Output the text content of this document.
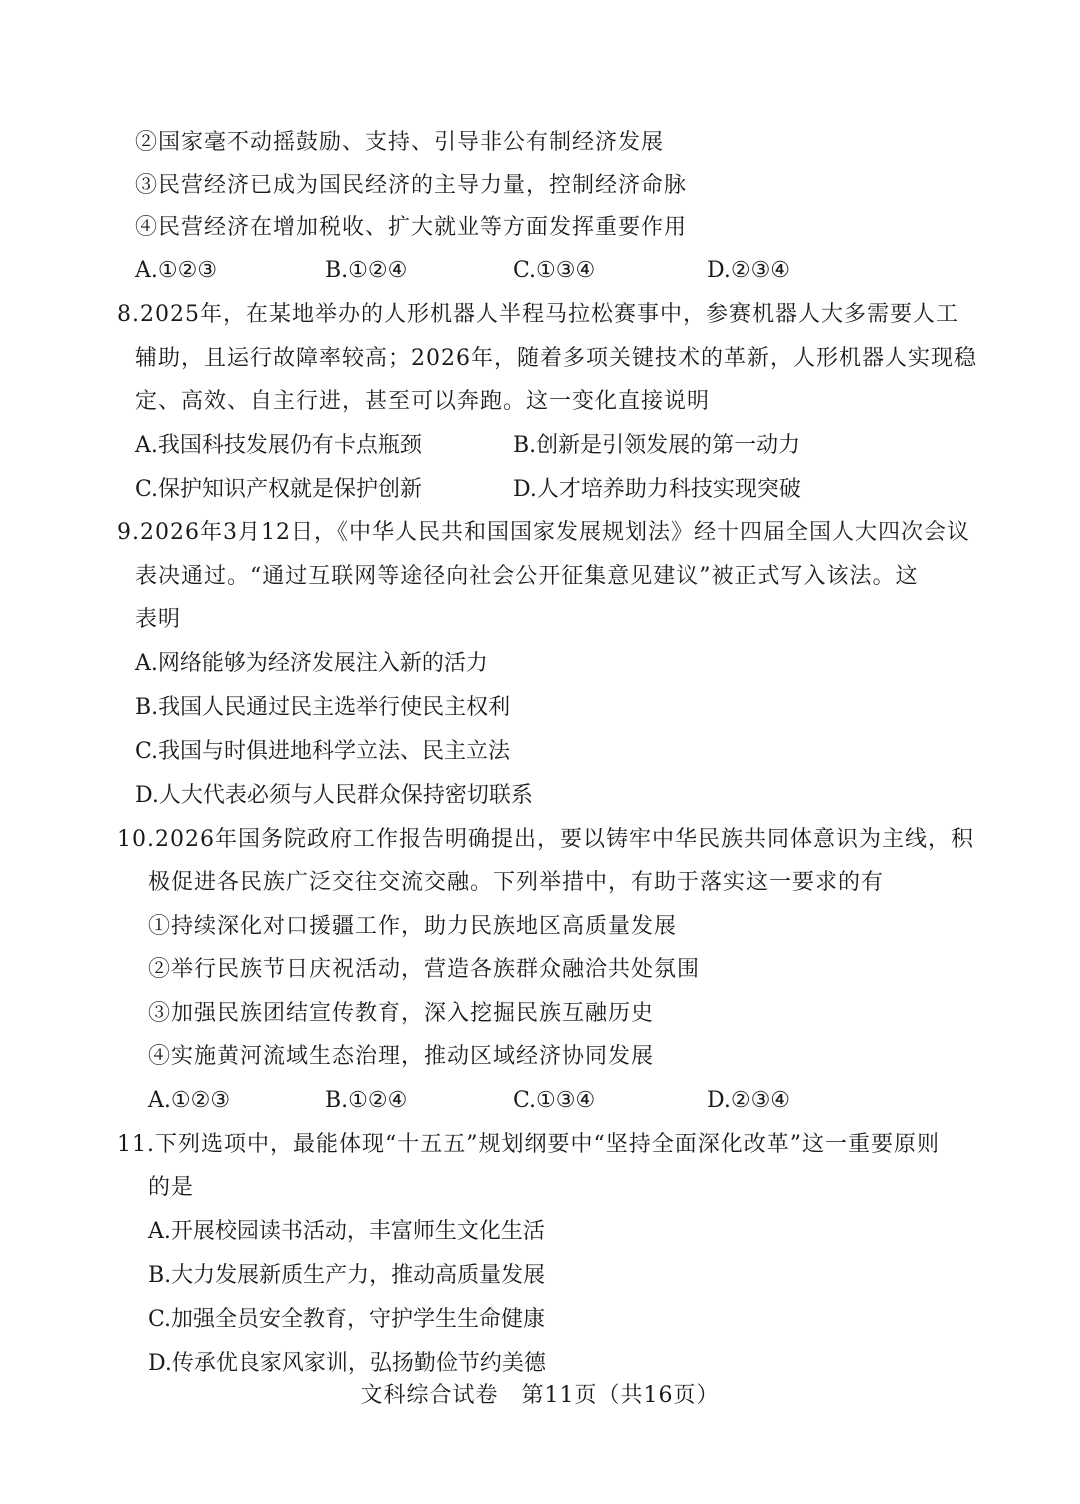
②国家毫不动摇鼓励、支持、引导非公有制经济发展
③民营经济已成为国民经济的主导力量，控制经济命脉
④民营经济在增加税收、扩大就业等方面发挥重要作用
A.①②③	B.①②④	C.①③④	D.②③④
8.2025年，在某地举办的人形机器人半程马拉松赛事中，参赛机器人大多需要人工
辅助，且运行故障率较高；2026年，随着多项关键技术的革新，人形机器人实现稳
定、高效、自主行进，甚至可以奔跑。这一变化直接说明
A.我国科技发展仍有卡点瓶颈	B.创新是引领发展的第一动力
C.保护知识产权就是保护创新	D.人才培养助力科技实现突破
9.2026年3月12日，《中华人民共和国国家发展规划法》经十四届全国人大四次会议
表决通过。“通过互联网等途径向社会公开征集意见建议”被正式写入该法。这
表明
A.网络能够为经济发展注入新的活力
B.我国人民通过民主选举行使民主权利
C.我国与时俱进地科学立法、民主立法
D.人大代表必须与人民群众保持密切联系
10.2026年国务院政府工作报告明确提出，要以铸牢中华民族共同体意识为主线，积
极促进各民族广泛交往交流交融。下列举措中，有助于落实这一要求的有
①持续深化对口援疆工作，助力民族地区高质量发展
②举行民族节日庆祝活动，营造各族群众融洽共处氛围
③加强民族团结宣传教育，深入挖掘民族互融历史
④实施黄河流域生态治理，推动区域经济协同发展
A.①②③	B.①②④	C.①③④	D.②③④
11.下列选项中，最能体现“十五五”规划纲要中“坚持全面深化改革”这一重要原则
的是
A.开展校园读书活动，丰富师生文化生活
B.大力发展新质生产力，推动高质量发展
C.加强全员安全教育，守护学生生命健康
D.传承优良家风家训，弘扬勤俭节约美德
文科综合试卷　第11页（共16页）
